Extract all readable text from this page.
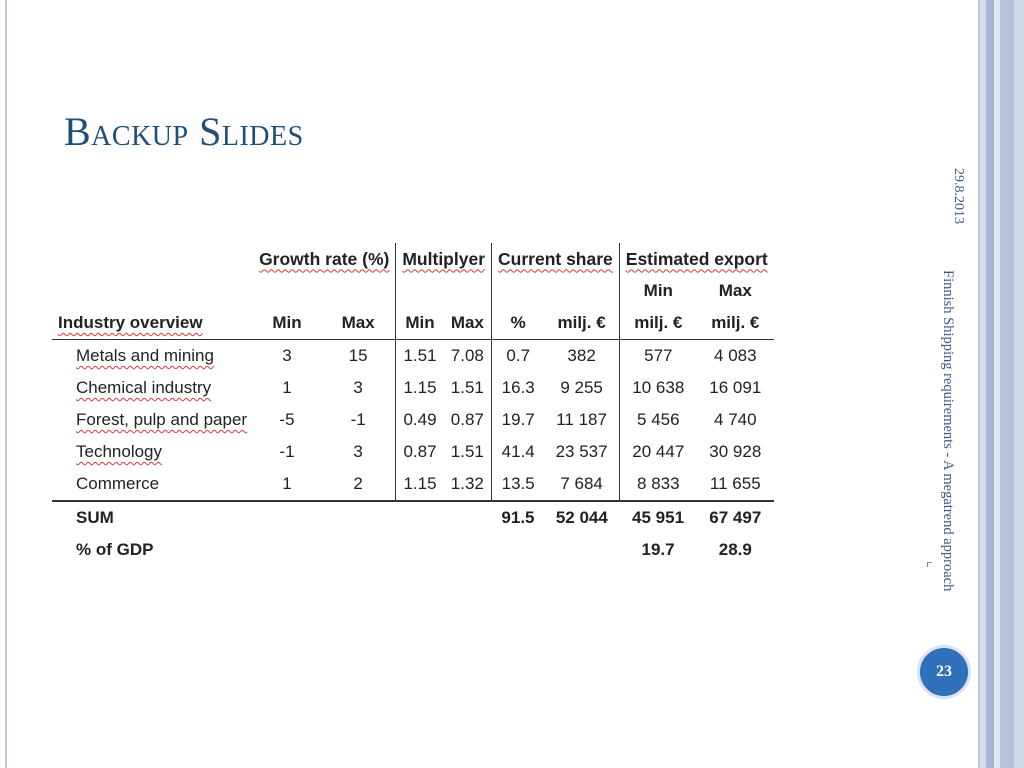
Backup Slides
29.8.2013
Finnish Shipping requirements - A megatrend approach
	Growth rate (%)		Multiplyer		Current share		Estimated export	
							Min	Max
Industry overview	Min	Max	Min	Max	%	milj. €	milj. €	milj. €
Metals and mining	3	15	1.51	7.08	0.7	382	577	4 083
Chemical industry	1	3	1.15	1.51	16.3	9 255	10 638	16 091
Forest, pulp and paper	-5	-1	0.49	0.87	19.7	11 187	5 456	4 740
Technology	-1	3	0.87	1.51	41.4	23 537	20 447	30 928
Commerce	1	2	1.15	1.32	13.5	7 684	8 833	11 655
SUM					91.5	52 044	45 951	67 497
% of GDP							19.7	28.9
23
